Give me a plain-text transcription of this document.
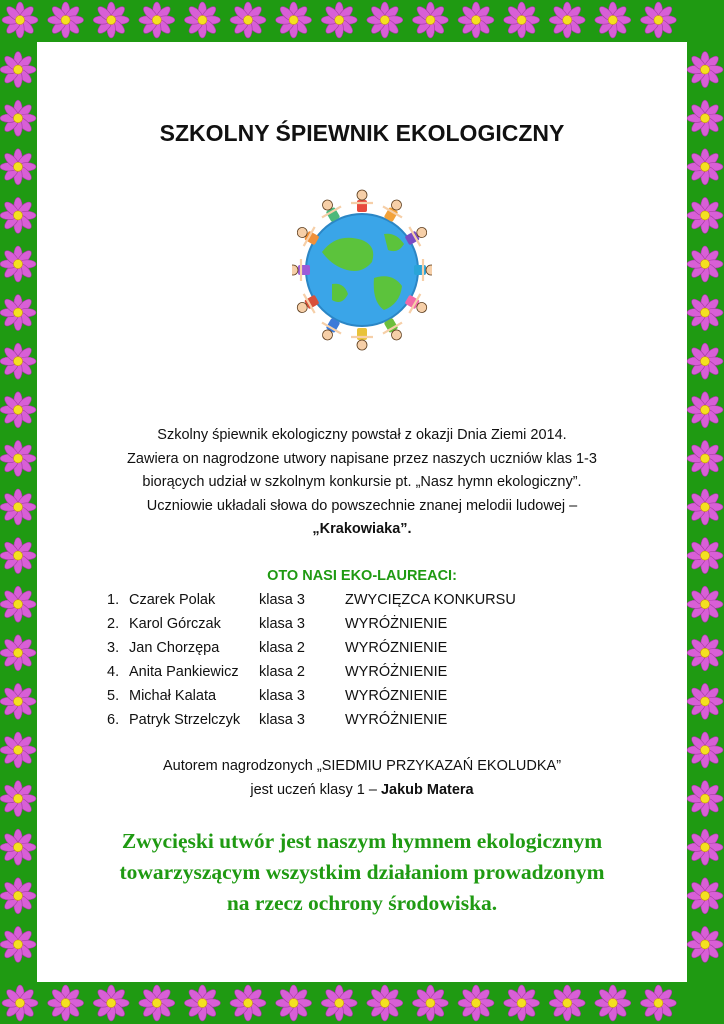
SZKOLNY ŚPIEWNIK EKOLOGICZNY
Szkolny śpiewnik ekologiczny powstał z okazji Dnia Ziemi 2014.
Zawiera on nagrodzone utwory napisane przez naszych uczniów klas 1-3
biorących udział w szkolnym konkursie pt. „Nasz hymn ekologiczny”.
Uczniowie układali słowa do powszechnie znanej melodii ludowej –
„Krakowiaka”.
OTO NASI EKO-LAUREACI:
1. Czarek Polak	klasa 3	ZWYCIĘZCA KONKURSU
2. Karol Górczak	klasa 3	WYRÓŻNIENIE
3. Jan Chorzępa	klasa 2	WYRÓZNIENIE
4. Anita Pankiewicz klasa 2	WYRÓŻNIENIE
5. Michał Kalata	klasa 3	WYRÓZNIENIE
6. Patryk Strzelczyk klasa 3	WYRÓŻNIENIE
Autorem nagrodzonych „SIEDMIU PRZYKAZAŃ EKOLUDKA”
jest uczeń klasy 1 – Jakub Matera
Zwycięski utwór jest naszym hymnem ekologicznym
towarzyszącym wszystkim działaniom prowadzonym
na rzecz ochrony środowiska.
